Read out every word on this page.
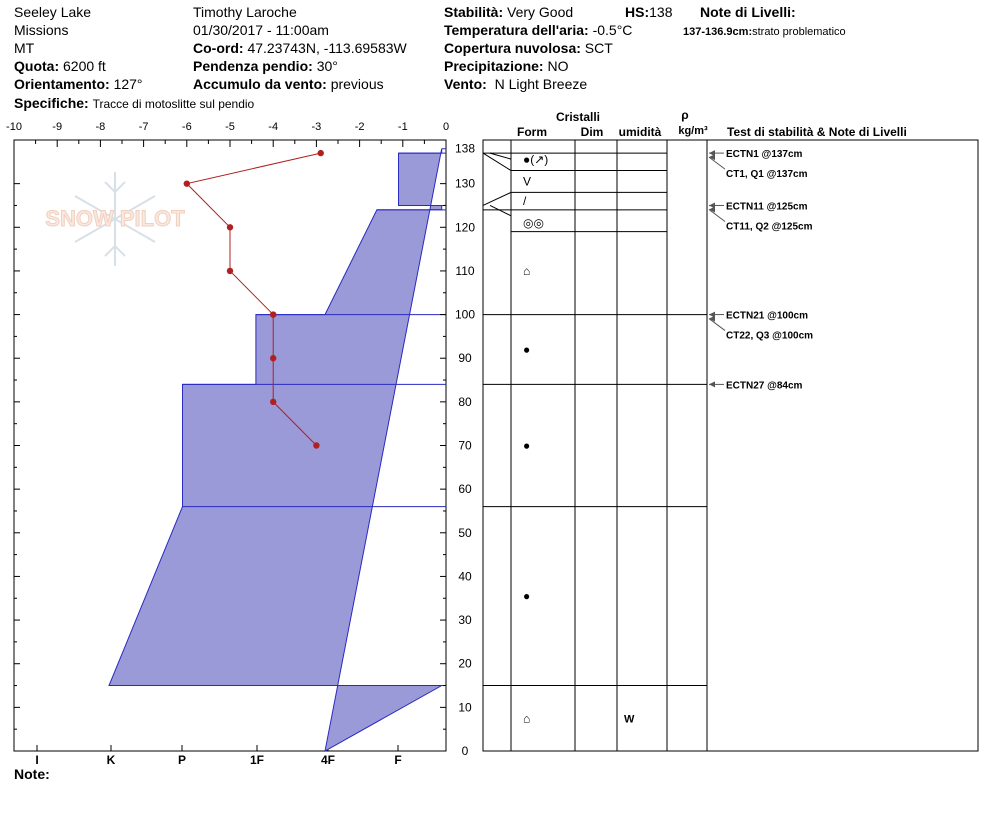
Seeley Lake
Missions
MT
Quota: 6200 ft
Orientamento: 127°
Specifiche: Tracce di motoslitte sul pendio
Timothy Laroche
01/30/2017 - 11:00am
Co-ord: 47.23743N, -113.69583W
Pendenza pendio: 30°
Accumulo da vento: previous
Stabilità: Very Good	HS:138
Temperatura dell'aria: -0.5°C
Copertura nuvolosa: SCT
Precipitazione: NO
Vento: N Light Breeze
Note di Livelli:
137-136.9cm:strato problematico
Note:
SNOW PILOT
-10	-9	-8	-7	-6	-5	-4	-3	-2	-1	0
I	K	P	1F	4F	F
0
10
20
30
40
50
60
70
80
90
100
110
120
130
138
Cristalli
Form	Dim umidità
ρ
kg/m³ Test di stabilità & Note di Livelli
●(↗)
V
/
◎◎
⌂
●
●
●
⌂	W
ECTN1 @137cm
CT1, Q1 @137cm
ECTN11 @125cm
CT11, Q2 @125cm
ECTN21 @100cm
CT22, Q3 @100cm
ECTN27 @84cm
